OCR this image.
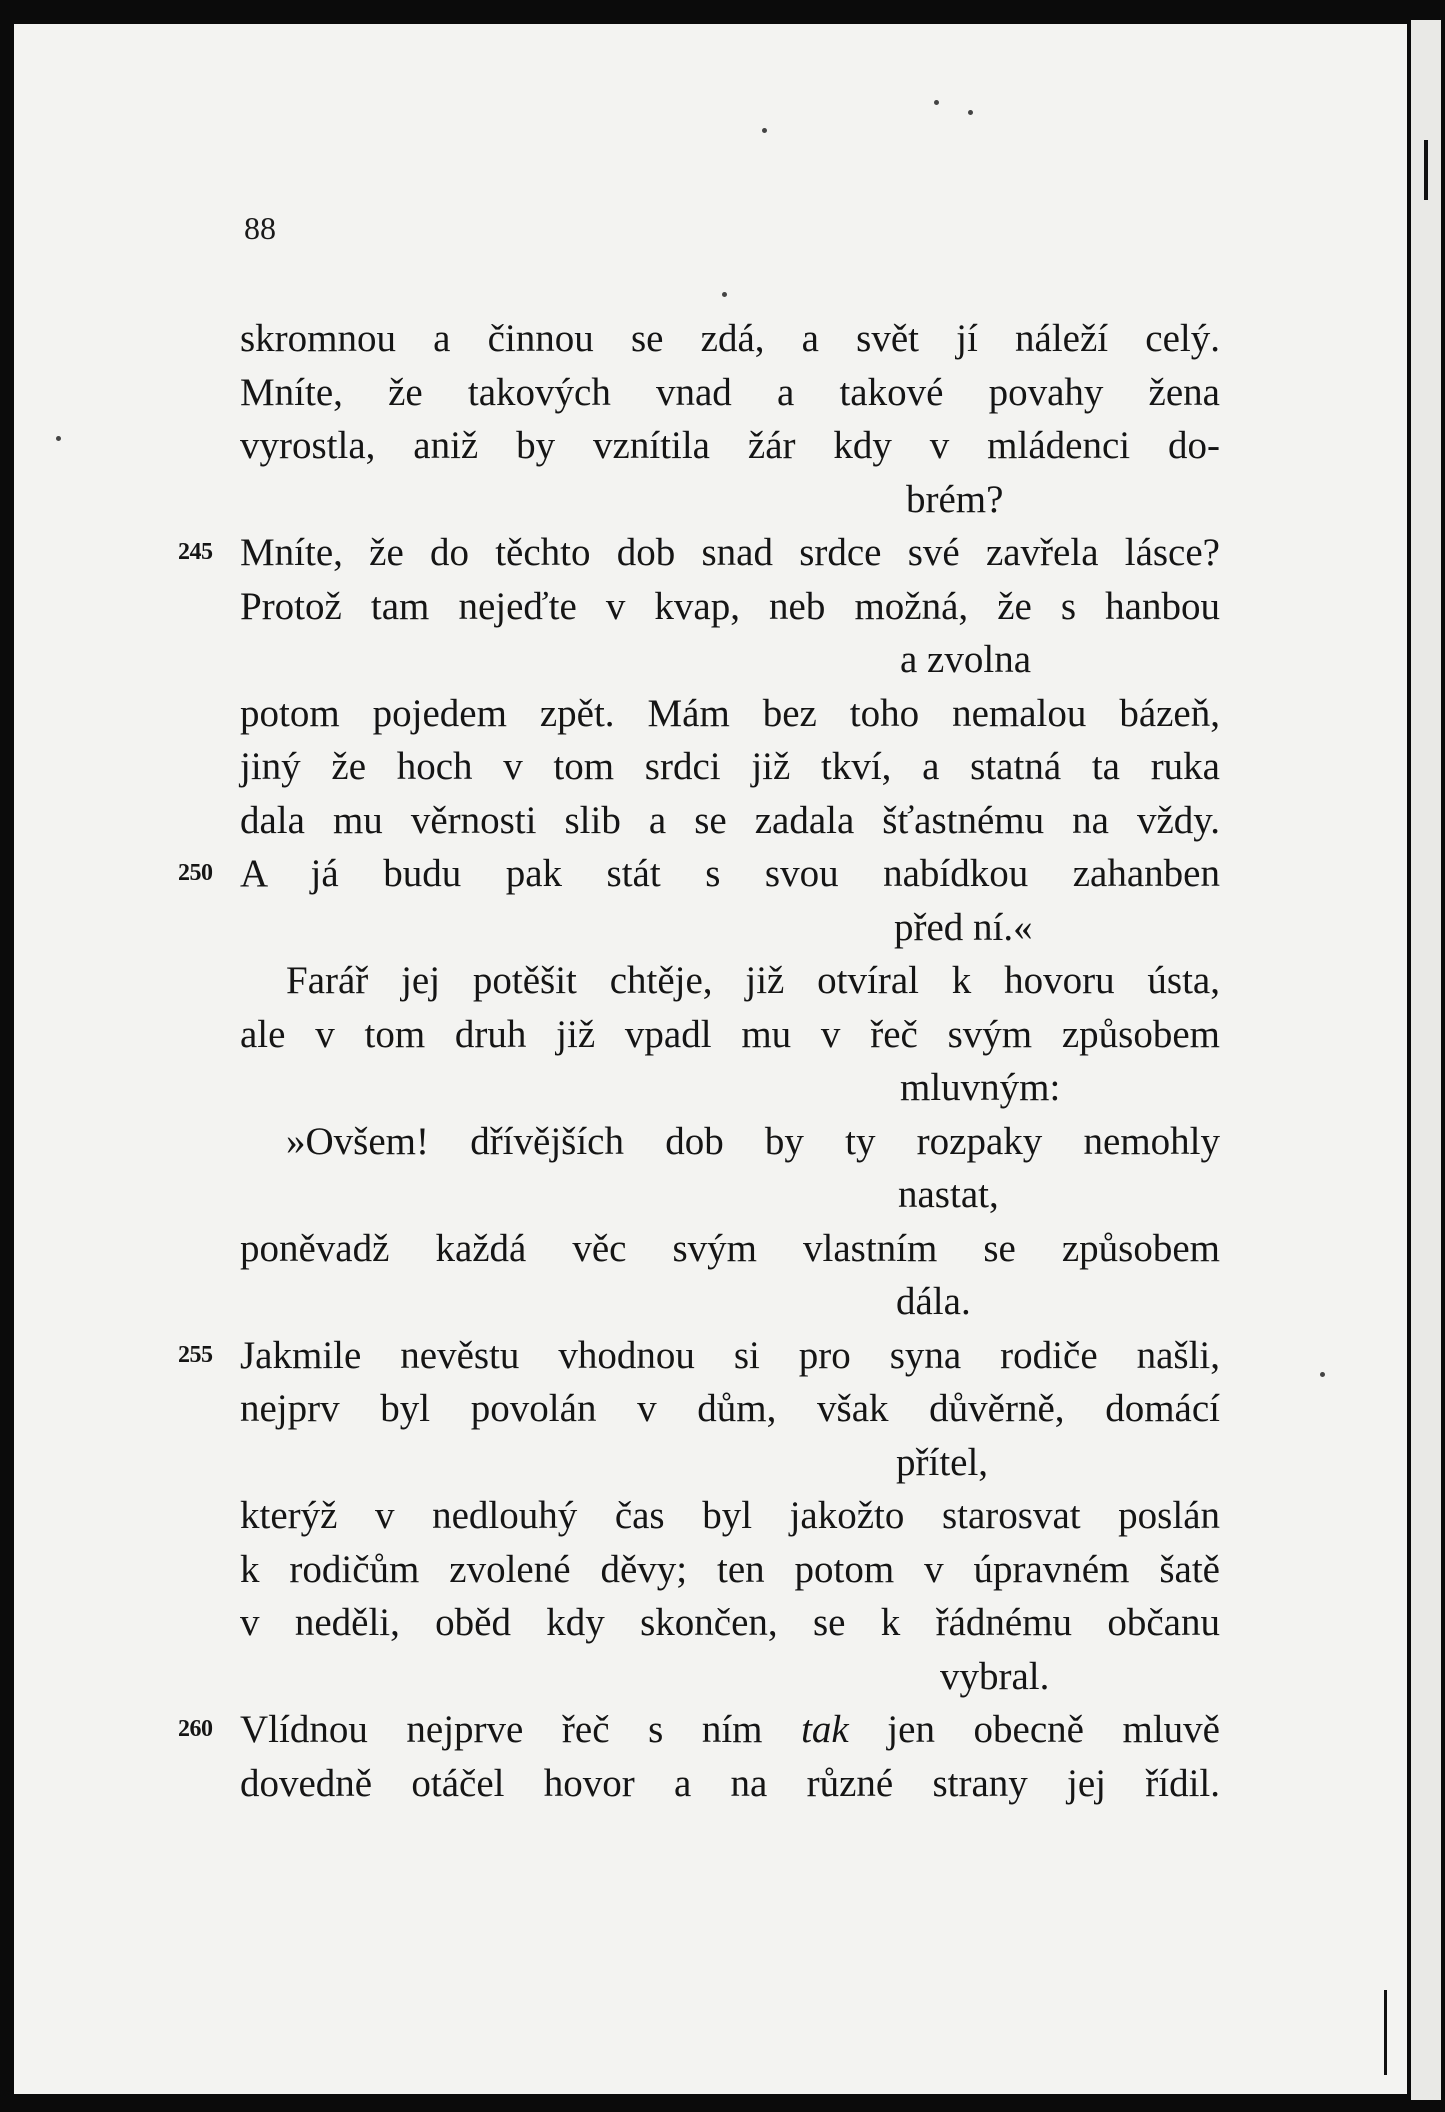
88
skromnou a činnou se zdá, a svět jí náleží celý.
Mníte, že takových vnad a takové povahy žena
vyrostla, aniž by vznítila žár kdy v mládenci do-
brém?
245 Mníte, že do těchto dob snad srdce své zavřela lásce?
Protož tam nejeďte v kvap, neb možná, že s hanbou
a zvolna
potom pojedem zpět. Mám bez toho nemalou bázeň,
jiný že hoch v tom srdci již tkví, a statná ta ruka
dala mu věrnosti slib a se zadala šťastnému na vždy.
250 A já budu pak stát s svou nabídkou zahanben
před ní.«
Farář jej potěšit chtěje, již otvíral k hovoru ústa,
ale v tom druh již vpadl mu v řeč svým způsobem
mluvným:
»Ovšem! dřívějších dob by ty rozpaky nemohly
nastat,
poněvadž každá věc svým vlastním se způsobem
dála.
255 Jakmile nevěstu vhodnou si pro syna rodiče našli,
nejprv byl povolán v dům, však důvěrně, domácí
přítel,
kterýž v nedlouhý čas byl jakožto starosvat poslán
k rodičům zvolené děvy; ten potom v úpravném šatě
v neděli, oběd kdy skončen, se k řádnému občanu
vybral.
260 Vlídnou nejprve řeč s ním tak jen obecně mluvě
dovedně otáčel hovor a na různé strany jej řídil.
